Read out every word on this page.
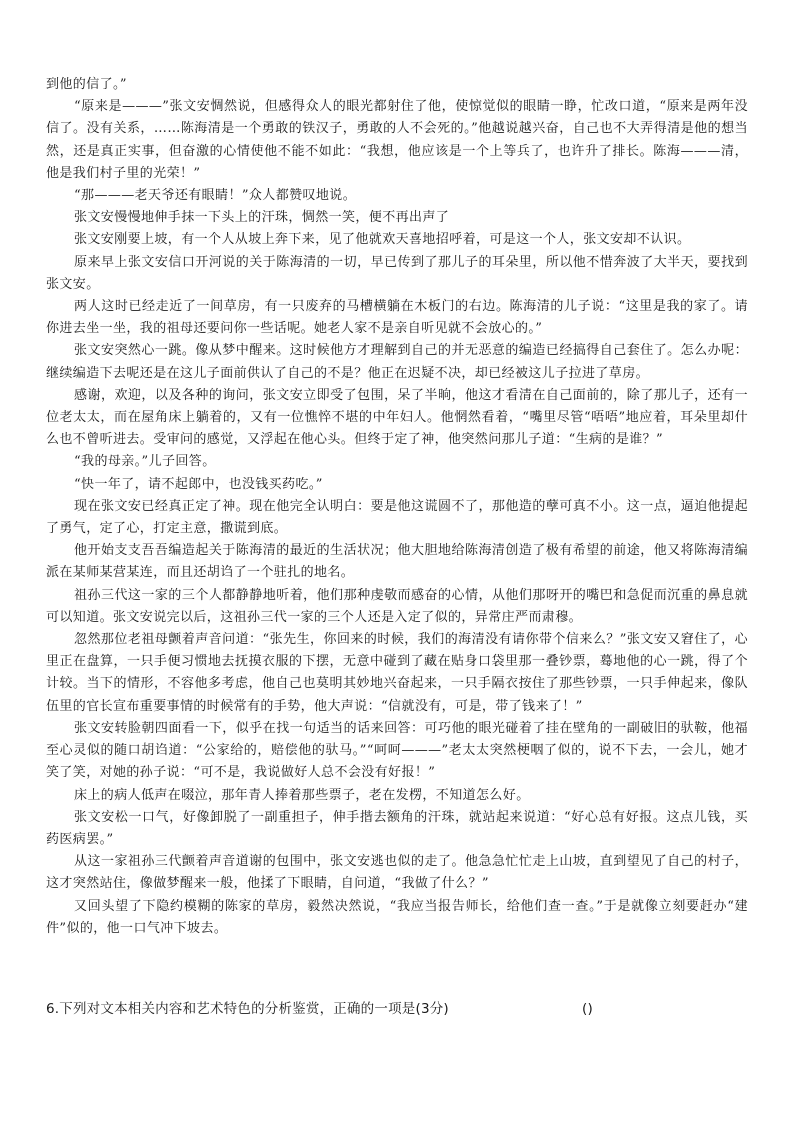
到他的信了。”

“原来是———”张文安惆然说，但感得众人的眼光都射住了他，使惊觉似的眼睛一睁，忙改口道，“原来是两年没信了。没有关系，……陈海清是一个勇敢的铁汉子，勇敢的人不会死的。”他越说越兴奋，自己也不大弄得清是他的想当然，还是真正实事，但奋激的心情使他不能不如此：“我想，他应该是一个上等兵了，也许升了排长。陈海———清，他是我们村子里的光荣！”

“那———老天爷还有眼睛！”众人都赞叹地说。

张文安慢慢地伸手抹一下头上的汗珠，惆然一笑，便不再出声了

张文安刚要上坡，有一个人从坡上奔下来，见了他就欢天喜地招呼着，可是这一个人，张文安却不认识。

原来早上张文安信口开河说的关于陈海清的一切，早已传到了那儿子的耳朵里，所以他不惜奔波了大半天，要找到张文安。

两人这时已经走近了一间草房，有一只废弃的马槽横躺在木板门的右边。陈海清的儿子说：“这里是我的家了。请你进去坐一坐，我的祖母还要问你一些话呢。她老人家不是亲自听见就不会放心的。”

张文安突然心一跳。像从梦中醒来。这时候他方才理解到自己的并无恶意的编造已经搞得自己套住了。怎么办呢：继续编造下去呢还是在这儿子面前供认了自己的不是？他正在迟疑不决，却已经被这儿子拉进了草房。

感谢，欢迎，以及各种的询问，张文安立即受了包围，呆了半晌，他这才看清在自己面前的，除了那儿子，还有一位老太太，而在屋角床上躺着的，又有一位憔悴不堪的中年妇人。他惘然看着，“嘴里尽管“唔唔”地应着，耳朵里却什么也不曾听进去。受审问的感觉，又浮起在他心头。但终于定了神，他突然问那儿子道：“生病的是谁？”

“我的母亲。”儿子回答。

“快一年了，请不起郎中，也没钱买药吃。”

现在张文安已经真正定了神。现在他完全认明白：要是他这谎圆不了，那他造的孽可真不小。这一点，逼迫他提起了勇气，定了心，打定主意，撒谎到底。

他开始支支吾吾编造起关于陈海清的最近的生活状况；他大胆地给陈海清创造了极有希望的前途，他又将陈海清编派在某师某营某连，而且还胡诌了一个驻扎的地名。

祖孙三代这一家的三个人都静静地听着，他们那种虔敬而感奋的心情，从他们那呀开的嘴巴和急促而沉重的鼻息就可以知道。张文安说完以后，这祖孙三代一家的三个人还是入定了似的，异常庄严而肃穆。

忽然那位老祖母颤着声音问道：“张先生，你回来的时候，我们的海清没有请你带个信来么？”张文安又窘住了，心里正在盘算，一只手便习惯地去抚摸衣服的下摆，无意中碰到了藏在贴身口袋里那一叠钞票，蓦地他的心一跳，得了个计较。当下的情形，不容他多考虑，他自己也莫明其妙地兴奋起来，一只手隔衣按住了那些钞票，一只手伸起来，像队伍里的官长宣布重要事情的时候常有的手势，他大声说：“信就没有，可是，带了钱来了！”

张文安转脸朝四面看一下，似乎在找一句适当的话来回答：可巧他的眼光碰着了挂在壁角的一副破旧的驮鞍，他福至心灵似的随口胡诌道：“公家给的，赔偿他的驮马。”“呵呵———”老太太突然梗咽了似的，说不下去，一会儿，她才笑了笑，对她的孙子说：“可不是，我说做好人总不会没有好报！”

床上的病人低声在啜泣，那年青人捧着那些票子，老在发楞，不知道怎么好。

张文安松一口气，好像卸脱了一副重担子，伸手揩去额角的汗珠，就站起来说道：“好心总有好报。这点儿钱，买药医病罢。”

从这一家祖孙三代颤着声音道谢的包围中，张文安逃也似的走了。他急急忙忙走上山坡，直到望见了自己的村子，这才突然站住，像做梦醒来一般，他揉了下眼睛，自问道，“我做了什么？”

又回头望了下隐约模糊的陈家的草房，毅然决然说，“我应当报告师长，给他们查一查。”于是就像立刻要赶办“建件”似的，他一口气冲下坡去。

6.下列对文本相关内容和艺术特色的分析鉴赏，正确的一项是(3分)	()
